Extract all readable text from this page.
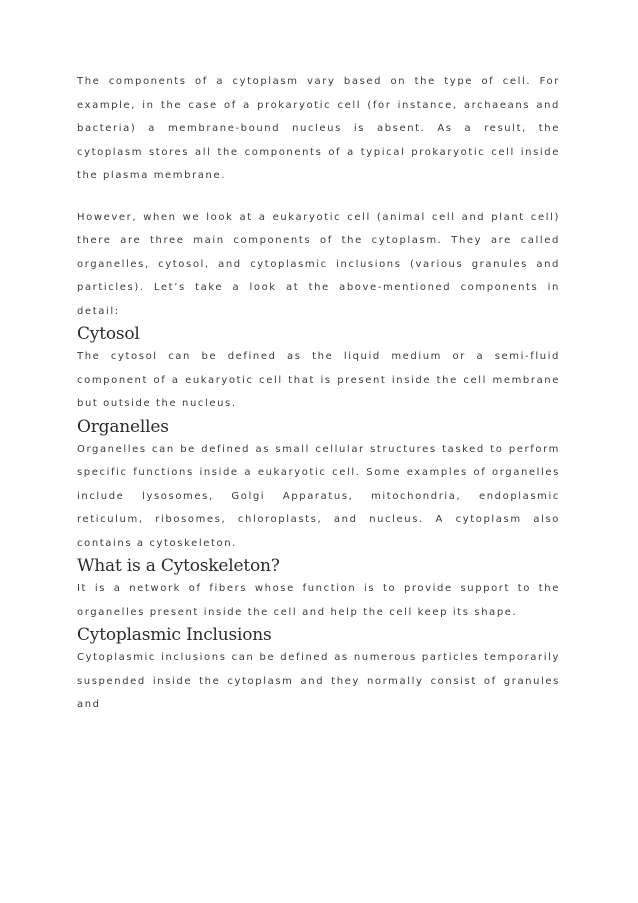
The components of a cytoplasm vary based on the type of cell. For example, in the case of a prokaryotic cell (for instance, archaeans and bacteria) a membrane-bound nucleus is absent. As a result, the cytoplasm stores all the components of a typical prokaryotic cell inside the plasma membrane.

However, when we look at a eukaryotic cell (animal cell and plant cell) there are three main components of the cytoplasm. They are called organelles, cytosol, and cytoplasmic inclusions (various granules and particles). Let’s take a look at the above-mentioned components in detail:

Cytosol

The cytosol can be defined as the liquid medium or a semi-fluid component of a eukaryotic cell that is present inside the cell membrane but outside the nucleus.

Organelles

Organelles can be defined as small cellular structures tasked to perform specific functions inside a eukaryotic cell. Some examples of organelles include lysosomes, Golgi Apparatus, mitochondria, endoplasmic reticulum, ribosomes, chloroplasts, and nucleus. A cytoplasm also contains a cytoskeleton.

What is a Cytoskeleton?

It is a network of fibers whose function is to provide support to the organelles present inside the cell and help the cell keep its shape.

Cytoplasmic Inclusions

Cytoplasmic inclusions can be defined as numerous particles temporarily suspended inside the cytoplasm and they normally consist of granules and
